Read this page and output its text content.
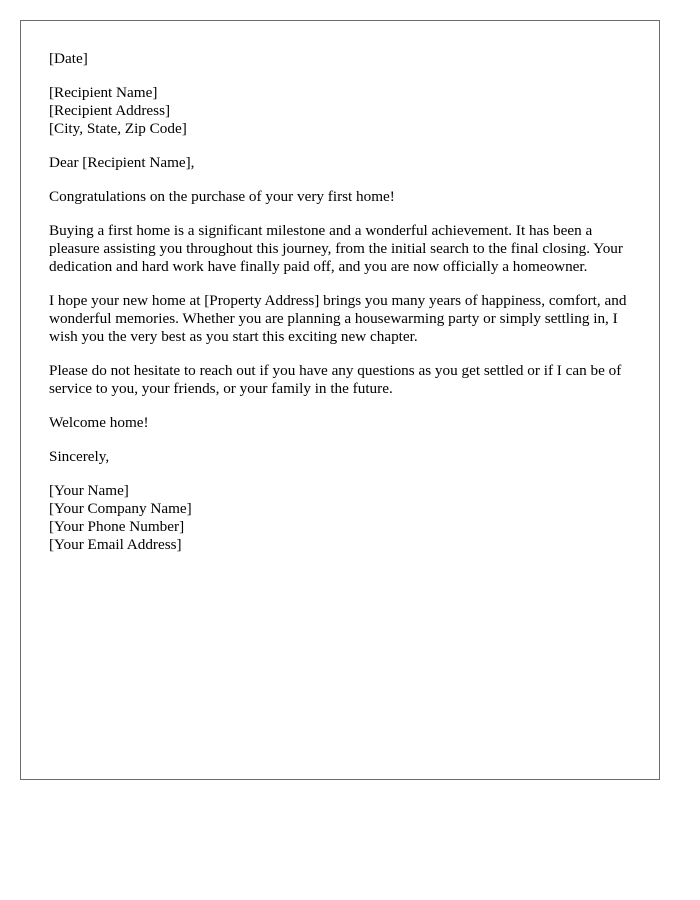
[Date]
[Recipient Name]
[Recipient Address]
[City, State, Zip Code]

Dear [Recipient Name],

Congratulations on the purchase of your very first home!

Buying a first home is a significant milestone and a wonderful achievement. It has been a pleasure assisting you throughout this journey, from the initial search to the final closing. Your dedication and hard work have finally paid off, and you are now officially a homeowner.

I hope your new home at [Property Address] brings you many years of happiness, comfort, and wonderful memories. Whether you are planning a housewarming party or simply settling in, I wish you the very best as you start this exciting new chapter.

Please do not hesitate to reach out if you have any questions as you get settled or if I can be of service to you, your friends, or your family in the future.

Welcome home!

Sincerely,

[Your Name]
[Your Company Name]
[Your Phone Number]
[Your Email Address]
